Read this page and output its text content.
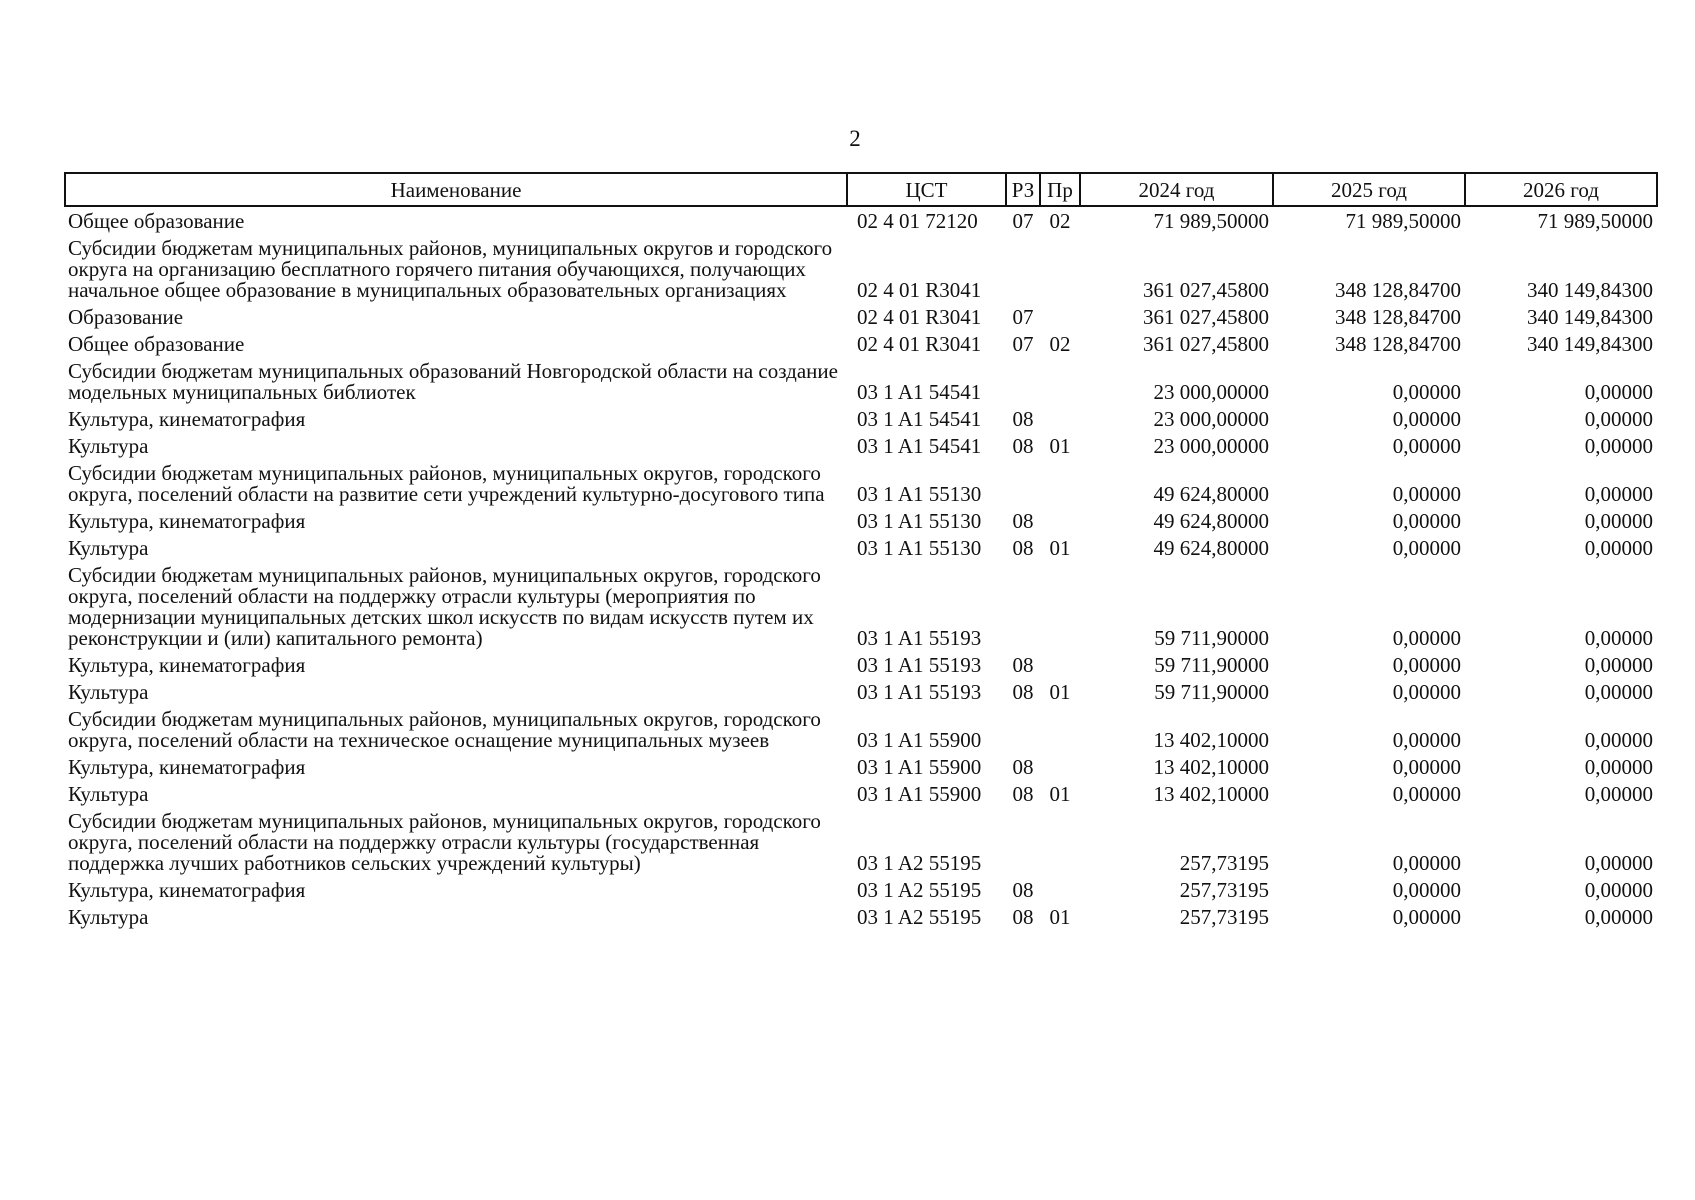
2
Наименование	ЦСТ	РЗ	Пр	2024 год	2025 год	2026 год
Общее образование	02 4 01 72120	07	02	71 989,50000	71 989,50000	71 989,50000
Субсидии бюджетам муниципальных районов, муниципальных округов и городского округа на организацию бесплатного горячего питания обучающихся, получающих начальное общее образование в муниципальных образовательных организациях	02 4 01 R3041			361 027,45800	348 128,84700	340 149,84300
Образование	02 4 01 R3041	07		361 027,45800	348 128,84700	340 149,84300
Общее образование	02 4 01 R3041	07	02	361 027,45800	348 128,84700	340 149,84300
Субсидии бюджетам муниципальных образований Новгородской области на создание модельных муниципальных библиотек	03 1 A1 54541			23 000,00000	0,00000	0,00000
Культура, кинематография	03 1 A1 54541	08		23 000,00000	0,00000	0,00000
Культура	03 1 A1 54541	08	01	23 000,00000	0,00000	0,00000
Субсидии бюджетам муниципальных районов, муниципальных округов, городского округа, поселений области на развитие сети учреждений культурно-досугового типа	03 1 A1 55130			49 624,80000	0,00000	0,00000
Культура, кинематография	03 1 A1 55130	08		49 624,80000	0,00000	0,00000
Культура	03 1 A1 55130	08	01	49 624,80000	0,00000	0,00000
Субсидии бюджетам муниципальных районов, муниципальных округов, городского округа, поселений области на поддержку отрасли культуры (мероприятия по модернизации муниципальных детских школ искусств по видам искусств путем их реконструкции и (или) капитального ремонта)	03 1 A1 55193			59 711,90000	0,00000	0,00000
Культура, кинематография	03 1 A1 55193	08		59 711,90000	0,00000	0,00000
Культура	03 1 A1 55193	08	01	59 711,90000	0,00000	0,00000
Субсидии бюджетам муниципальных районов, муниципальных округов, городского округа, поселений области на техническое оснащение муниципальных музеев	03 1 A1 55900			13 402,10000	0,00000	0,00000
Культура, кинематография	03 1 A1 55900	08		13 402,10000	0,00000	0,00000
Культура	03 1 A1 55900	08	01	13 402,10000	0,00000	0,00000
Субсидии бюджетам муниципальных районов, муниципальных округов, городского округа, поселений области на поддержку отрасли культуры (государственная поддержка лучших работников сельских учреждений культуры)	03 1 A2 55195			257,73195	0,00000	0,00000
Культура, кинематография	03 1 A2 55195	08		257,73195	0,00000	0,00000
Культура	03 1 A2 55195	08	01	257,73195	0,00000	0,00000
